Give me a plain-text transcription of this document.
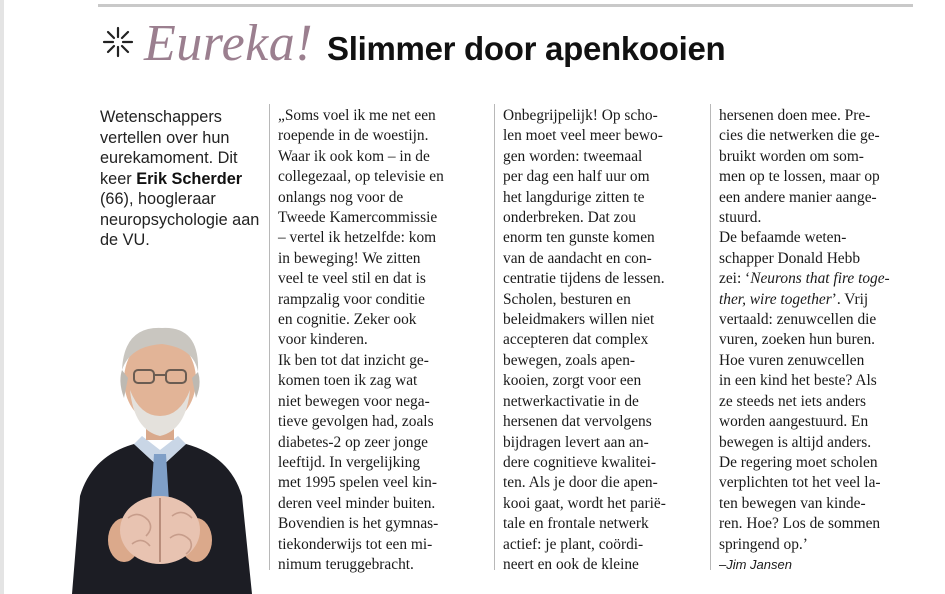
Eureka! Slimmer door apenkooien
Wetenschappers vertellen over hun eurekamoment. Dit keer Erik Scherder (66), hoogleraar neuropsychologie aan de VU.
„Soms voel ik me net een
roepende in de woestijn.
Waar ik ook kom – in de
collegezaal, op televisie en
onlangs nog voor de
Tweede Kamercommissie
– vertel ik hetzelfde: kom
in beweging! We zitten
veel te veel stil en dat is
rampzalig voor conditie
en cognitie. Zeker ook
voor kinderen.
Ik ben tot dat inzicht ge-
komen toen ik zag wat
niet bewegen voor nega-
tieve gevolgen had, zoals
diabetes-2 op zeer jonge
leeftijd. In vergelijking
met 1995 spelen veel kin-
deren veel minder buiten.
Bovendien is het gymnas-
tiekonderwijs tot een mi-
nimum teruggebracht.
Onbegrijpelijk! Op scho-
len moet veel meer bewo-
gen worden: tweemaal
per dag een half uur om
het langdurige zitten te
onderbreken. Dat zou
enorm ten gunste komen
van de aandacht en con-
centratie tijdens de lessen.
Scholen, besturen en
beleidmakers willen niet
accepteren dat complex
bewegen, zoals apen-
kooien, zorgt voor een
netwerkactivatie in de
hersenen dat vervolgens
bijdragen levert aan an-
dere cognitieve kwalitei-
ten. Als je door die apen-
kooi gaat, wordt het parië-
tale en frontale netwerk
actief: je plant, coördi-
neert en ook de kleine
hersenen doen mee. Pre-
cies die netwerken die ge-
bruikt worden om som-
men op te lossen, maar op
een andere manier aange-
stuurd.
De befaamde weten-
schapper Donald Hebb
zei: ‘Neurons that fire toge-
ther, wire together’. Vrij
vertaald: zenuwcellen die
vuren, zoeken hun buren.
Hoe vuren zenuwcellen
in een kind het beste? Als
ze steeds net iets anders
worden aangestuurd. En
bewegen is altijd anders.
De regering moet scholen
verplichten tot het veel la-
ten bewegen van kinde-
ren. Hoe? Los de sommen
springend op.’
–Jim Jansen
